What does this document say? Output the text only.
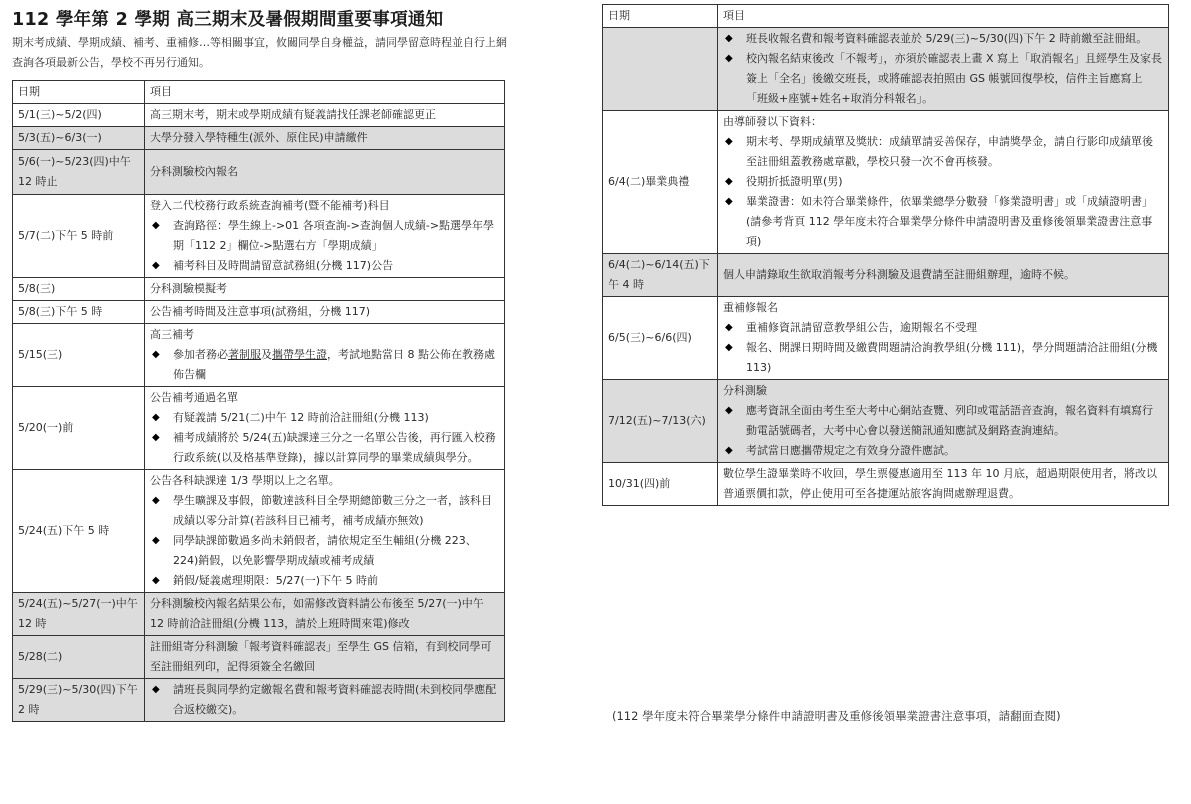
112 學年第 2 學期 高三期末及暑假期間重要事項通知
期末考成績、學期成績、補考、重補修…等相關事宜，攸關同學自身權益，請同學留意時程並自行上網查詢各項最新公告，學校不再另行通知。
日期	項目
5/1(三)~5/2(四)	高三期末考，期末或學期成績有疑義請找任課老師確認更正

5/3(五)~6/3(一)	大學分發入學特種生(派外、原住民)申請繳件

5/6(一)~5/23(四)中午 12 時止	分科測驗校內報名

5/7(二)下午 5 時前	
登入二代校務行政系統查詢補考(暨不能補考)科目
◆ 查詢路徑：學生線上->01 各項查詢->查詢個人成績->點選學年學期「112 2」欄位->點選右方「學期成績」
◆ 補考科目及時間請留意試務組(分機 117)公告

5/8(三)	分科測驗模擬考

5/8(三)下午 5 時	公告補考時間及注意事項(試務組，分機 117)

5/15(三)	
高三補考
◆ 參加者務必著制服及攜帶學生證，考試地點當日 8 點公佈在教務處佈告欄

5/20(一)前	
公告補考通過名單
◆ 有疑義請 5/21(二)中午 12 時前洽註冊組(分機 113)
◆ 補考成績將於 5/24(五)缺課達三分之一名單公告後，再行匯入校務行政系統(以及格基準登錄)，據以計算同學的畢業成績與學分。

5/24(五)下午 5 時	
公告各科缺課達 1/3 學期以上之名單。
◆ 學生曠課及事假，節數達該科目全學期總節數三分之一者，該科目成績以零分計算(若該科目已補考，補考成績亦無效)
◆ 同學缺課節數過多尚未銷假者，請依規定至生輔組(分機 223、224)銷假，以免影響學期成績或補考成績
◆ 銷假/疑義處理期限：5/27(一)下午 5 時前

5/24(五)~5/27(一)中午 12 時	分科測驗校內報名結果公布，如需修改資料請公布後至 5/27(一)中午 12 時前洽註冊組(分機 113，請於上班時間來電)修改

5/28(二)	註冊組寄分科測驗「報考資料確認表」至學生 GS 信箱，有到校同學可至註冊組列印，記得須簽全名繳回

5/29(三)~5/30(四)下午 2 時	
◆ 請班長與同學約定繳報名費和報考資料確認表時間(未到校同學應配合返校繳交)。
日期	項目

◆ 班長收報名費和報考資料確認表並於 5/29(三)~5/30(四)下午 2 時前繳至註冊組。
◆ 校內報名結束後改「不報考」，亦須於確認表上畫 X 寫上「取消報名」且經學生及家長簽上「全名」後繳交班長，或將確認表拍照由 GS 帳號回復學校，信件主旨應寫上「班級+座號+姓名+取消分科報名」。

6/4(二)畢業典禮	
由導師發以下資料：
◆ 期末考、學期成績單及獎狀：成績單請妥善保存，申請獎學金，請自行影印成績單後至註冊組蓋教務處章戳，學校只發一次不會再核發。
◆ 役期折抵證明單(男)
◆ 畢業證書：如未符合畢業條件，依畢業總學分數發「修業證明書」或「成績證明書」(請參考背頁 112 學年度未符合畢業學分條件申請證明書及重修後領畢業證書注意事項)

6/4(二)~6/14(五)下午 4 時	個人申請錄取生欲取消報考分科測驗及退費請至註冊組辦理，逾時不候。

6/5(三)~6/6(四)	
重補修報名
◆ 重補修資訊請留意教學組公告，逾期報名不受理
◆ 報名、開課日期時間及繳費問題請洽詢教學組(分機 111)，學分問題請洽註冊組(分機 113)

7/12(五)~7/13(六)	
分科測驗
◆ 應考資訊全面由考生至大考中心網站查覽、列印或電話語音查詢，報名資料有填寫行動電話號碼者，大考中心會以發送簡訊通知應試及網路查詢連結。
◆ 考試當日應攜帶規定之有效身分證件應試。

10/31(四)前	數位學生證畢業時不收回，學生票優惠適用至 113 年 10 月底，超過期限使用者，將改以普通票價扣款，停止使用可至各捷運站旅客詢問處辦理退費。
(112 學年度未符合畢業學分條件申請證明書及重修後領畢業證書注意事項，請翻面查閱)
